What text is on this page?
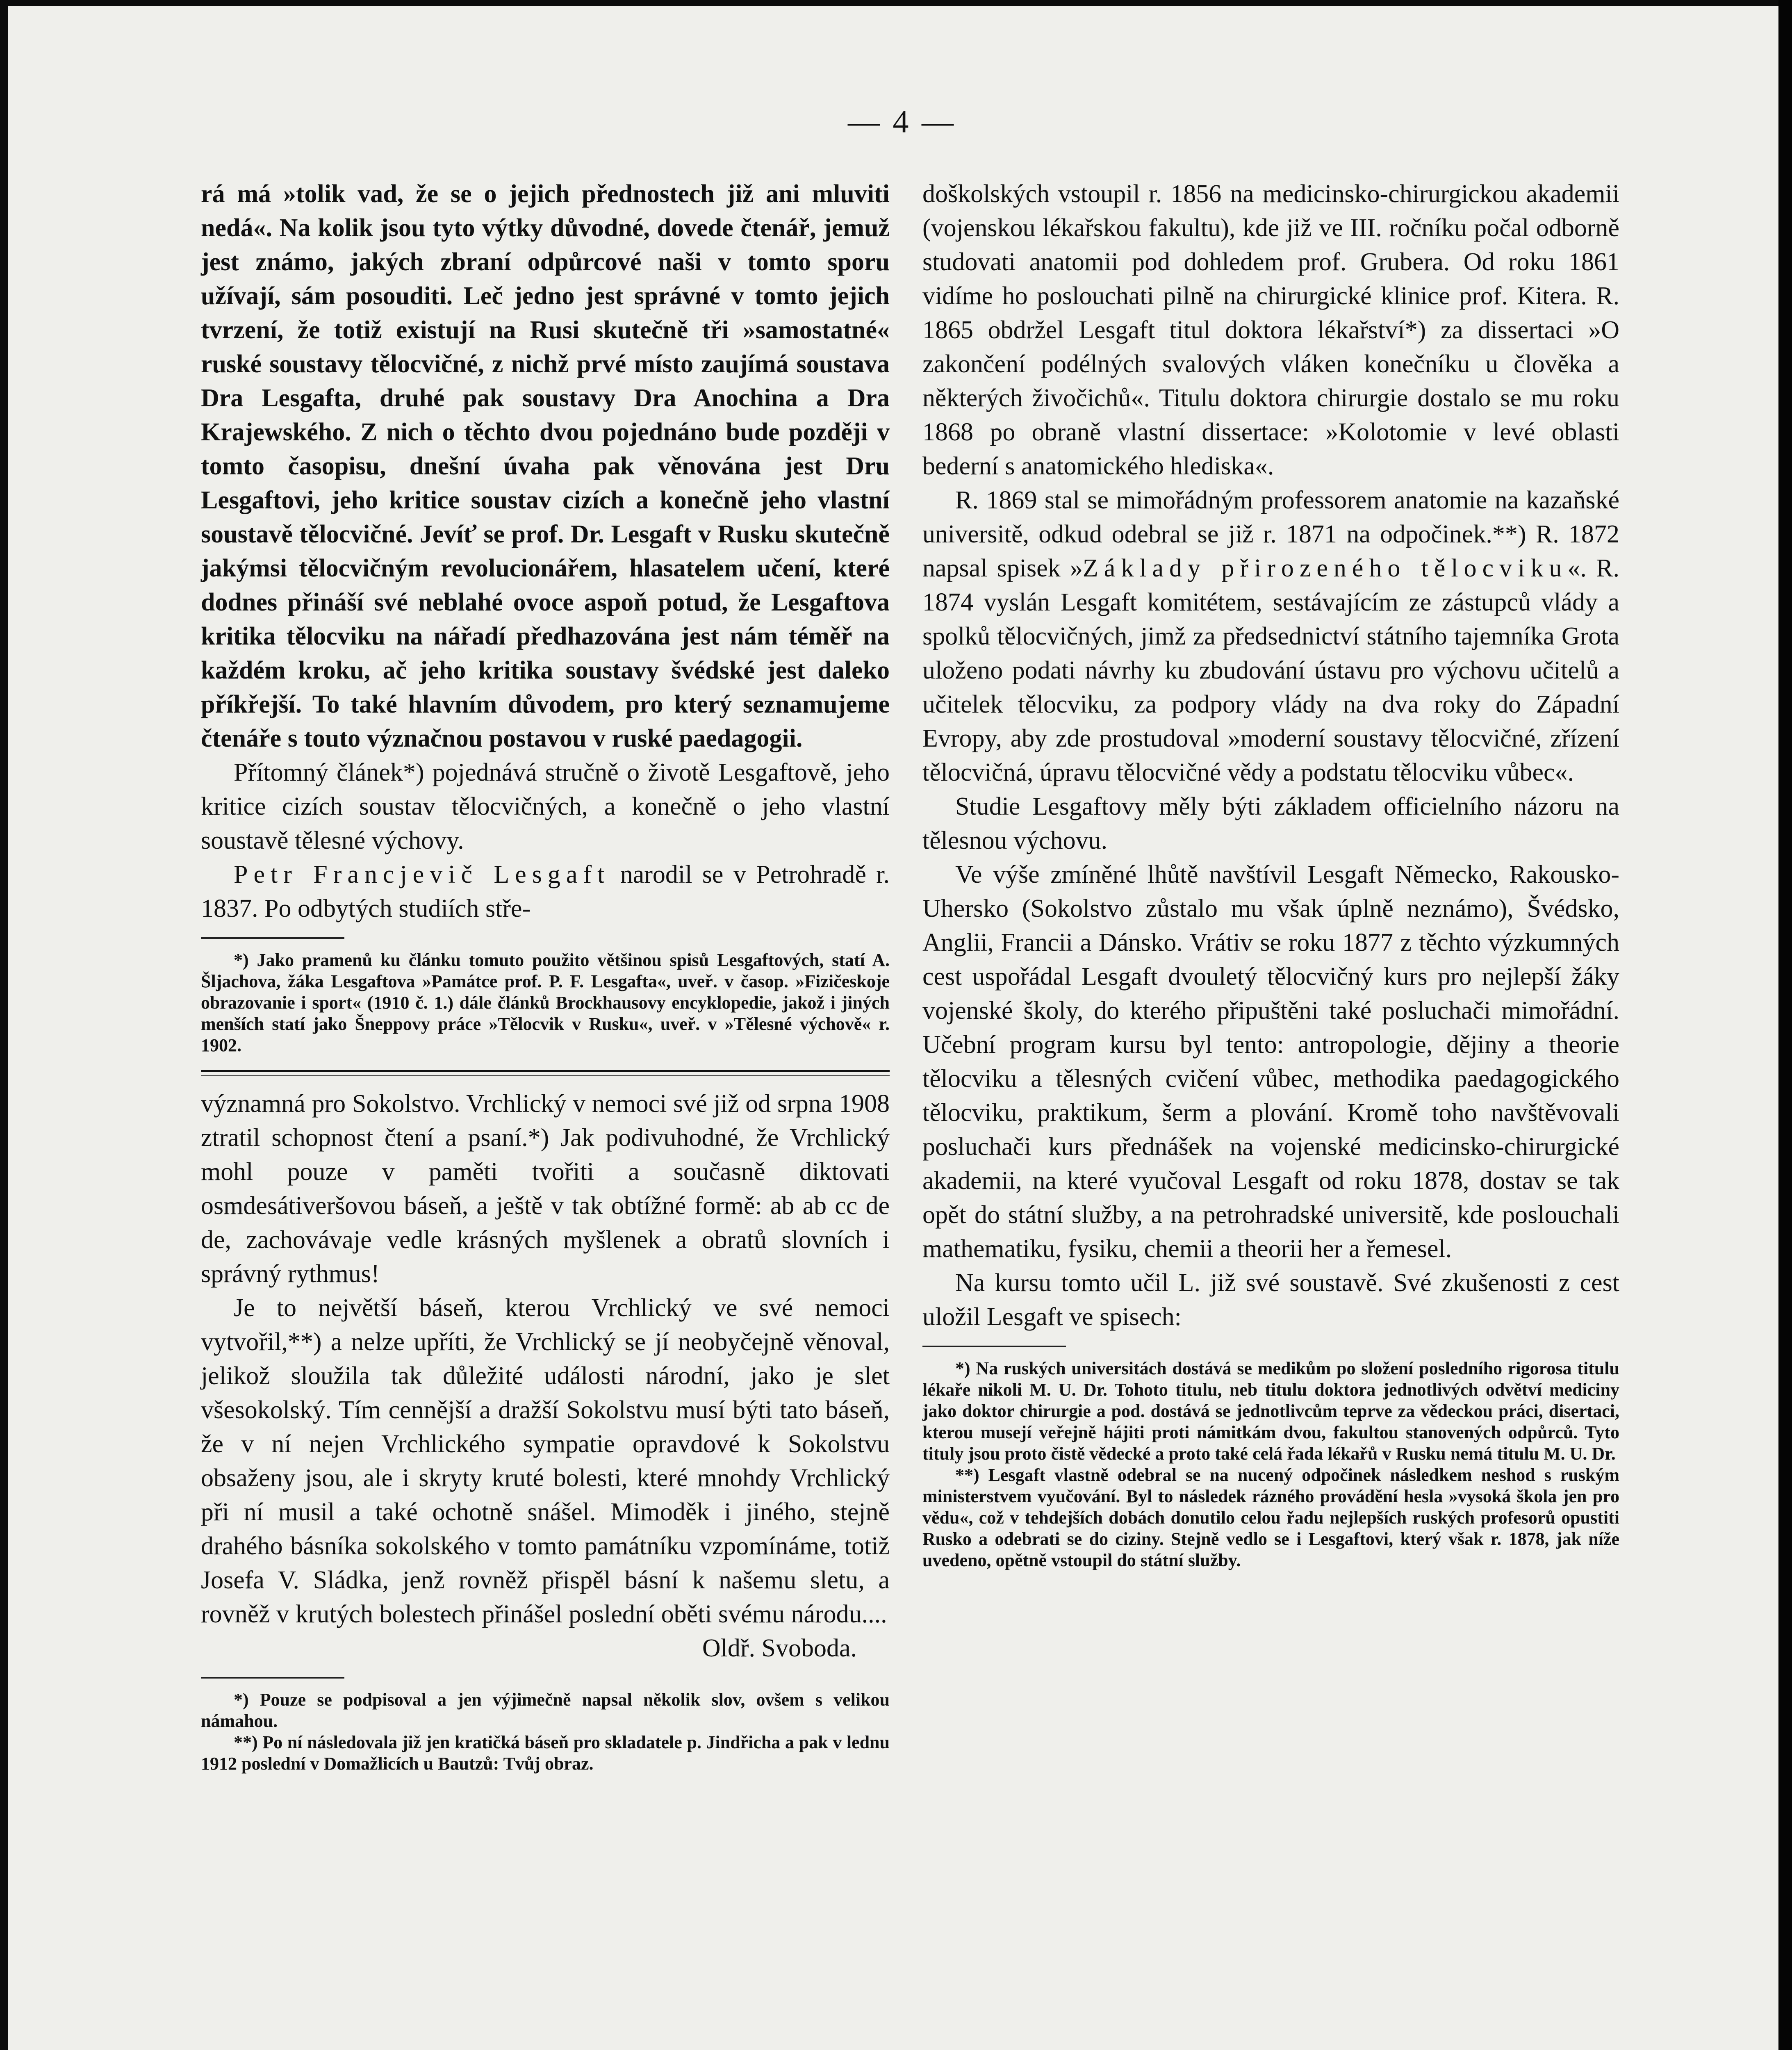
— 4 —

rá má »tolik vad, že se o jejich přednostech již ani mluviti nedá«. Na kolik jsou tyto výtky důvodné, dovede čtenář, jemuž jest známo, jakých zbraní odpůrcové naši v tomto sporu užívají, sám posouditi. Leč jedno jest správné v tomto jejich tvrzení, že totiž existují na Rusi skutečně tři »samostatné« ruské soustavy tělocvičné, z nichž prvé místo zaujímá soustava Dra Lesgafta, druhé pak soustavy Dra Anochina a Dra Krajewského. Z nich o těchto dvou pojednáno bude později v tomto časopisu, dnešní úvaha pak věnována jest Dru Lesgaftovi, jeho kritice soustav cizích a konečně jeho vlastní soustavě tělocvičné. Jevíť se prof. Dr. Lesgaft v Rusku skutečně jakýmsi tělocvičným revolucionářem, hlasatelem učení, které dodnes přináší své neblahé ovoce aspoň potud, že Lesgaftova kritika tělocviku na nářadí předhazována jest nám téměř na každém kroku, ač jeho kritika soustavy švédské jest daleko příkřejší. To také hlavním důvodem, pro který seznamujeme čtenáře s touto význačnou postavou v ruské paedagogii.

Přítomný článek*) pojednává stručně o životě Lesgaftově, jeho kritice cizích soustav tělocvičných, a konečně o jeho vlastní soustavě tělesné výchovy.

Petr Francjevič Lesgaft narodil se v Petrohradě r. 1837. Po odbytých studiích stře-

*) Jako pramenů ku článku tomuto použito většinou spisů Lesgaftových, statí A. Šljachova, žáka Lesgaftova »Památce prof. P. F. Lesgafta«, uveř. v časop. »Fizičeskoje obrazovanie i sport« (1910 č. 1.) dále článků Brockhausovy encyklopedie, jakož i jiných menších statí jako Šneppovy práce »Tělocvik v Rusku«, uveř. v »Tělesné výchově« r. 1902.

významná pro Sokolstvo. Vrchlický v nemoci své již od srpna 1908 ztratil schopnost čtení a psaní.*) Jak podivuhodné, že Vrchlický mohl pouze v paměti tvořiti a současně diktovati osmdesátiveršovou báseň, a ještě v tak obtížné formě: ab ab cc de de, zachovávaje vedle krásných myšlenek a obratů slovních i správný rythmus!

Je to největší báseň, kterou Vrchlický ve své nemoci vytvořil,**) a nelze upříti, že Vrchlický se jí neobyčejně věnoval, jelikož sloužila tak důležité události národní, jako je slet všesokolský. Tím cennější a dražší Sokolstvu musí býti tato báseň, že v ní nejen Vrchlického sympatie opravdové k Sokolstvu obsaženy jsou, ale i skryty kruté bolesti, které mnohdy Vrchlický při ní musil a také ochotně snášel. Mimoděk i jiného, stejně drahého básníka sokolského v tomto památníku vzpomínáme, totiž Josefa V. Sládka, jenž rovněž přispěl básní k našemu sletu, a rovněž v krutých bolestech přinášel poslední oběti svému národu....

Oldř. Svoboda.

*) Pouze se podpisoval a jen výjimečně napsal několik slov, ovšem s velikou námahou.

**) Po ní následovala již jen kratičká báseň pro skladatele p. Jindřicha a pak v lednu 1912 poslední v Domažlicích u Bautzů: Tvůj obraz.

doškolských vstoupil r. 1856 na medicinsko-chirurgickou akademii (vojenskou lékařskou fakultu), kde již ve III. ročníku počal odborně studovati anatomii pod dohledem prof. Grubera. Od roku 1861 vidíme ho poslouchati pilně na chirurgické klinice prof. Kitera. R. 1865 obdržel Lesgaft titul doktora lékařství*) za dissertaci »O zakončení podélných svalových vláken konečníku u člověka a některých živočichů«. Titulu doktora chirurgie dostalo se mu roku 1868 po obraně vlastní dissertace: »Kolotomie v levé oblasti bederní s anatomického hlediska«.

R. 1869 stal se mimořádným professorem anatomie na kazaňské universitě, odkud odebral se již r. 1871 na odpočinek.**) R. 1872 napsal spisek »Základy přirozeného tělocviku«. R. 1874 vyslán Lesgaft komitétem, sestávajícím ze zástupců vlády a spolků tělocvičných, jimž za předsednictví státního tajemníka Grota uloženo podati návrhy ku zbudování ústavu pro výchovu učitelů a učitelek tělocviku, za podpory vlády na dva roky do Západní Evropy, aby zde prostudoval »moderní soustavy tělocvičné, zřízení tělocvičná, úpravu tělocvičné vědy a podstatu tělocviku vůbec«.

Studie Lesgaftovy měly býti základem officielního názoru na tělesnou výchovu.

Ve výše zmíněné lhůtě navštívil Lesgaft Německo, Rakousko-Uhersko (Sokolstvo zůstalo mu však úplně neznámo), Švédsko, Anglii, Francii a Dánsko. Vrátiv se roku 1877 z těchto výzkumných cest uspořádal Lesgaft dvouletý tělocvičný kurs pro nejlepší žáky vojenské školy, do kterého připuštěni také posluchači mimořádní. Učební program kursu byl tento: antropologie, dějiny a theorie tělocviku a tělesných cvičení vůbec, methodika paedagogického tělocviku, praktikum, šerm a plování. Kromě toho navštěvovali posluchači kurs přednášek na vojenské medicinsko-chirurgické akademii, na které vyučoval Lesgaft od roku 1878, dostav se tak opět do státní služby, a na petrohradské universitě, kde poslouchali mathematiku, fysiku, chemii a theorii her a řemesel.

Na kursu tomto učil L. již své soustavě. Své zkušenosti z cest uložil Lesgaft ve spisech:

*) Na ruských universitách dostává se medikům po složení posledního rigorosa titulu lékaře nikoli M. U. Dr. Tohoto titulu, neb titulu doktora jednotlivých odvětví mediciny jako doktor chirurgie a pod. dostává se jednotlivcům teprve za vědeckou práci, disertaci, kterou musejí veřejně hájiti proti námitkám dvou, fakultou stanovených odpůrců. Tyto tituly jsou proto čistě vědecké a proto také celá řada lékařů v Rusku nemá titulu M. U. Dr.

**) Lesgaft vlastně odebral se na nucený odpočinek následkem neshod s ruským ministerstvem vyučování. Byl to následek rázného provádění hesla »vysoká škola jen pro vědu«, což v tehdejších dobách donutilo celou řadu nejlepších ruských profesorů opustiti Rusko a odebrati se do ciziny. Stejně vedlo se i Lesgaftovi, který však r. 1878, jak níže uvedeno, opětně vstoupil do státní služby.
